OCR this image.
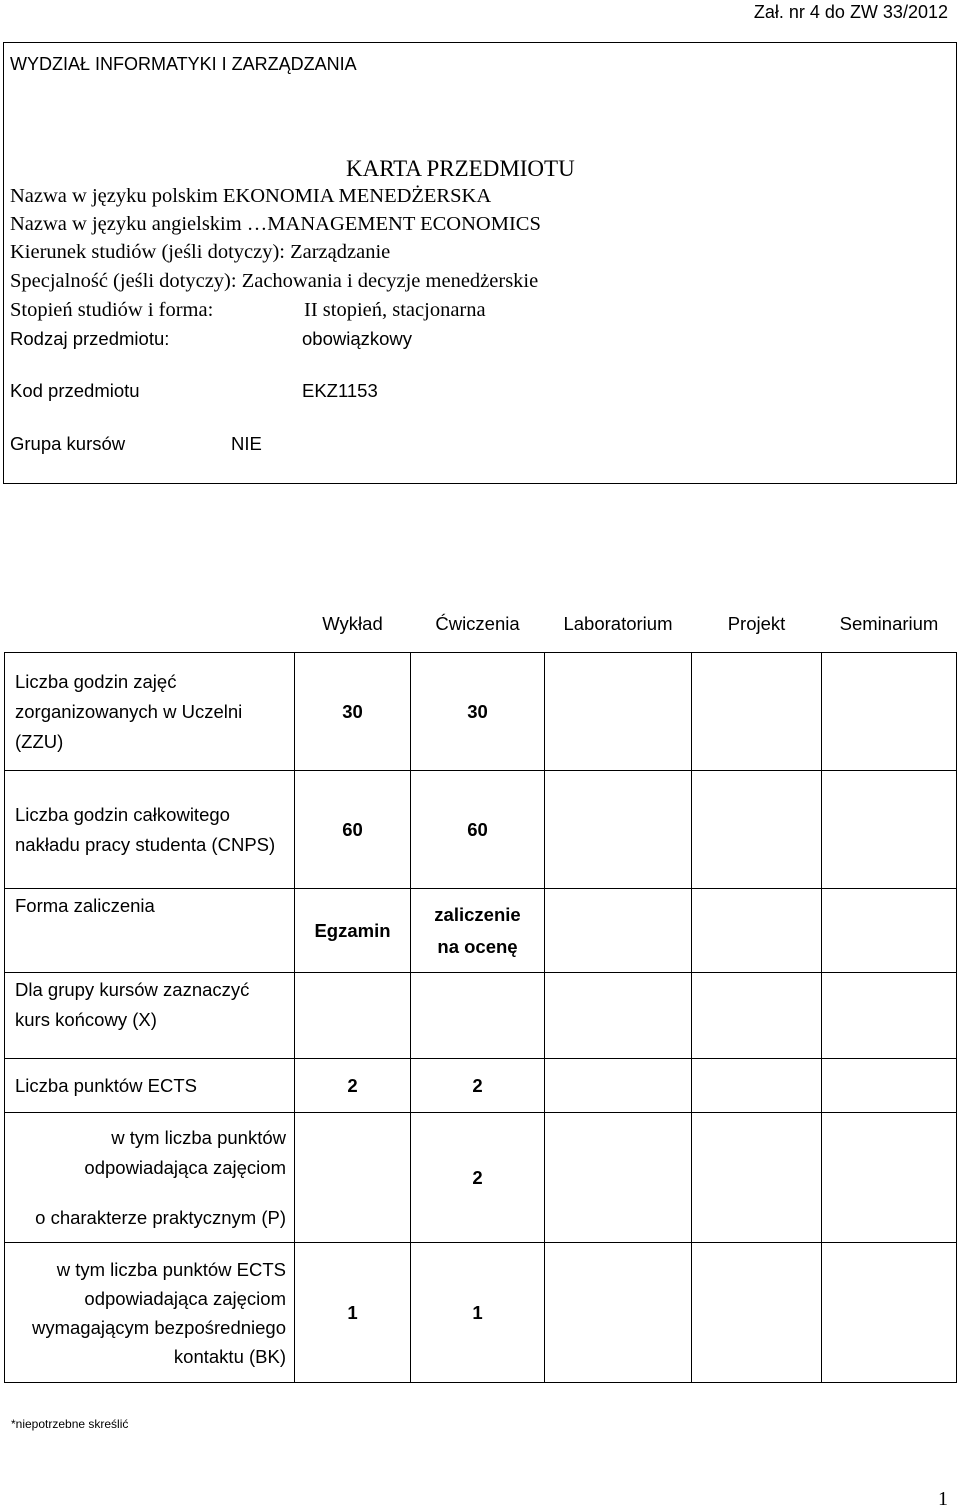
Zał. nr 4 do ZW 33/2012
WYDZIAŁ INFORMATYKI I ZARZĄDZANIA
KARTA PRZEDMIOTU
Nazwa w języku polskim EKONOMIA MENEDŻERSKA
Nazwa w języku angielskim …MANAGEMENT ECONOMICS
Kierunek studiów (jeśli dotyczy): Zarządzanie
Specjalność (jeśli dotyczy): Zachowania i decyzje menedżerskie
Stopień studiów i forma:	II stopień, stacjonarna
Rodzaj przedmiotu:	obowiązkowy
Kod przedmiotu	EKZ1153
Grupa kursów	NIE
	Wykład	Ćwiczenia	Laboratorium	Projekt	Seminarium
Liczba godzin zajęć zorganizowanych w Uczelni (ZZU)	30	30			
Liczba godzin całkowitego nakładu pracy studenta (CNPS)	60	60			
Forma zaliczenia	Egzamin	zaliczenie na ocenę			
Dla grupy kursów zaznaczyć kurs końcowy (X)					
Liczba punktów ECTS	2	2			

w tym liczba punktów odpowiadająca zajęciom
o charakterze praktycznym (P)		2			
w tym liczba punktów ECTS odpowiadająca zajęciom wymagającym bezpośredniego kontaktu (BK)	1	1			
*niepotrzebne skreślić
1
